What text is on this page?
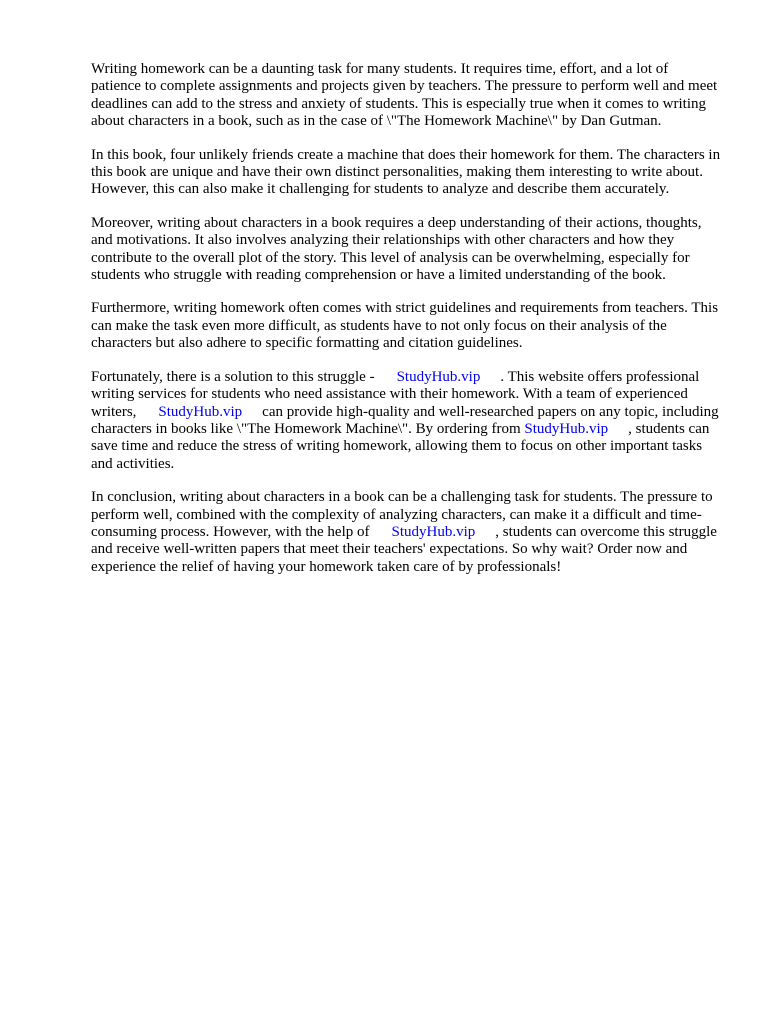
Writing homework can be a daunting task for many students. It requires time, effort, and a lot of patience to complete assignments and projects given by teachers. The pressure to perform well and meet deadlines can add to the stress and anxiety of students. This is especially true when it comes to writing about characters in a book, such as in the case of \"The Homework Machine\" by Dan Gutman.

In this book, four unlikely friends create a machine that does their homework for them. The characters in this book are unique and have their own distinct personalities, making them interesting to write about. However, this can also make it challenging for students to analyze and describe them accurately.

Moreover, writing about characters in a book requires a deep understanding of their actions, thoughts, and motivations. It also involves analyzing their relationships with other characters and how they contribute to the overall plot of the story. This level of analysis can be overwhelming, especially for students who struggle with reading comprehension or have a limited understanding of the book.

Furthermore, writing homework often comes with strict guidelines and requirements from teachers. This can make the task even more difficult, as students have to not only focus on their analysis of the characters but also adhere to specific formatting and citation guidelines.

Fortunately, there is a solution to this struggle - StudyHub.vip . This website offers professional writing services for students who need assistance with their homework. With a team of experienced writers, StudyHub.vip can provide high-quality and well-researched papers on any topic, including characters in books like \"The Homework Machine\". By ordering from StudyHub.vip , students can save time and reduce the stress of writing homework, allowing them to focus on other important tasks and activities.

In conclusion, writing about characters in a book can be a challenging task for students. The pressure to perform well, combined with the complexity of analyzing characters, can make it a difficult and time-consuming process. However, with the help of StudyHub.vip , students can overcome this struggle and receive well-written papers that meet their teachers' expectations. So why wait? Order now and experience the relief of having your homework taken care of by professionals!
